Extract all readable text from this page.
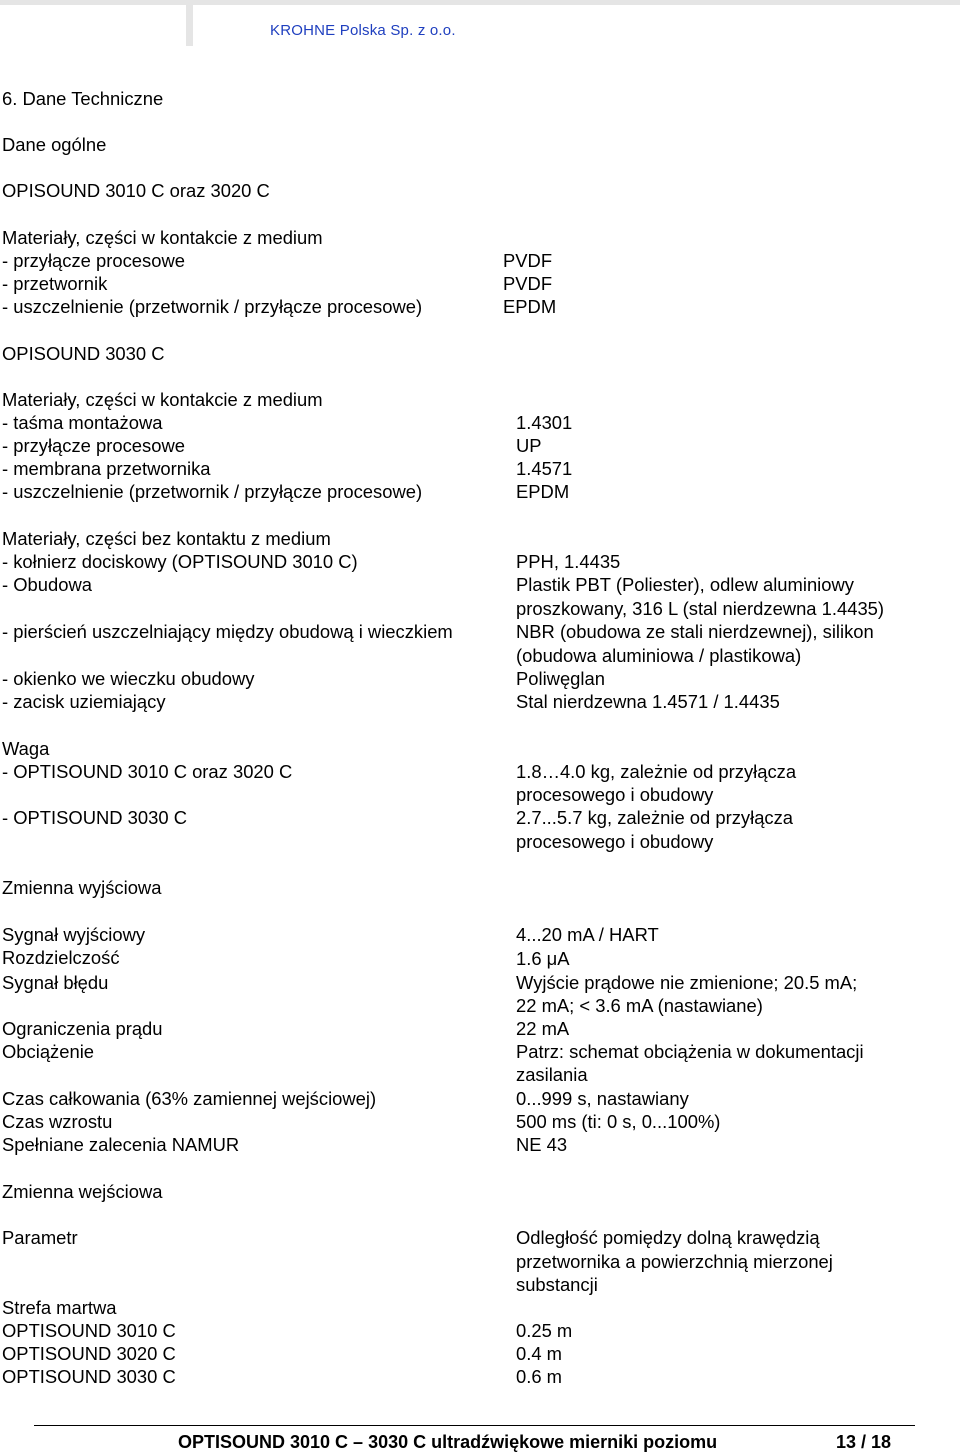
KROHNE Polska Sp. z o.o.
6. Dane Techniczne
Dane ogólne
OPISOUND 3010 C oraz 3020 C
Materiały, części w kontakcie z medium
- przyłącze procesowe	PVDF
- przetwornik	PVDF
- uszczelnienie (przetwornik / przyłącze procesowe)	EPDM
OPISOUND 3030 C
Materiały, części w kontakcie z medium
- taśma montażowa	1.4301
- przyłącze procesowe	UP
- membrana przetwornika	1.4571
- uszczelnienie (przetwornik / przyłącze procesowe)	EPDM
Materiały, części bez kontaktu z medium
- kołnierz dociskowy (OPTISOUND 3010 C)	PPH, 1.4435
- Obudowa	Plastik PBT (Poliester), odlew aluminiowy
proszkowany, 316 L (stal nierdzewna 1.4435)
- pierścień uszczelniający między obudową i wieczkiem	NBR (obudowa ze stali nierdzewnej), silikon
(obudowa aluminiowa / plastikowa)
- okienko we wieczku obudowy	Poliwęglan
- zacisk uziemiający	Stal nierdzewna 1.4571 / 1.4435
Waga
- OPTISOUND 3010 C oraz 3020 C	1.8…4.0 kg, zależnie od przyłącza
procesowego i obudowy
- OPTISOUND 3030 C	2.7...5.7 kg, zależnie od przyłącza
procesowego i obudowy
Zmienna wyjściowa
Sygnał wyjściowy	4...20 mA / HART
Rozdzielczość	1.6 μA
Sygnał błędu	Wyjście prądowe nie zmienione; 20.5 mA;
22 mA; < 3.6 mA (nastawiane)
Ograniczenia prądu	22 mA
Obciążenie	Patrz: schemat obciążenia w dokumentacji
zasilania
Czas całkowania (63% zamiennej wejściowej)	0...999 s, nastawiany
Czas wzrostu	500 ms (ti: 0 s, 0...100%)
Spełniane zalecenia NAMUR	NE 43
Zmienna wejściowa
Parametr	Odległość pomiędzy dolną krawędzią
przetwornika a powierzchnią mierzonej
substancji
Strefa martwa
OPTISOUND 3010 C	0.25 m
OPTISOUND 3020 C	0.4 m
OPTISOUND 3030 C	0.6 m
OPTISOUND 3010 C – 3030 C ultradźwiękowe mierniki poziomu	13 / 18
